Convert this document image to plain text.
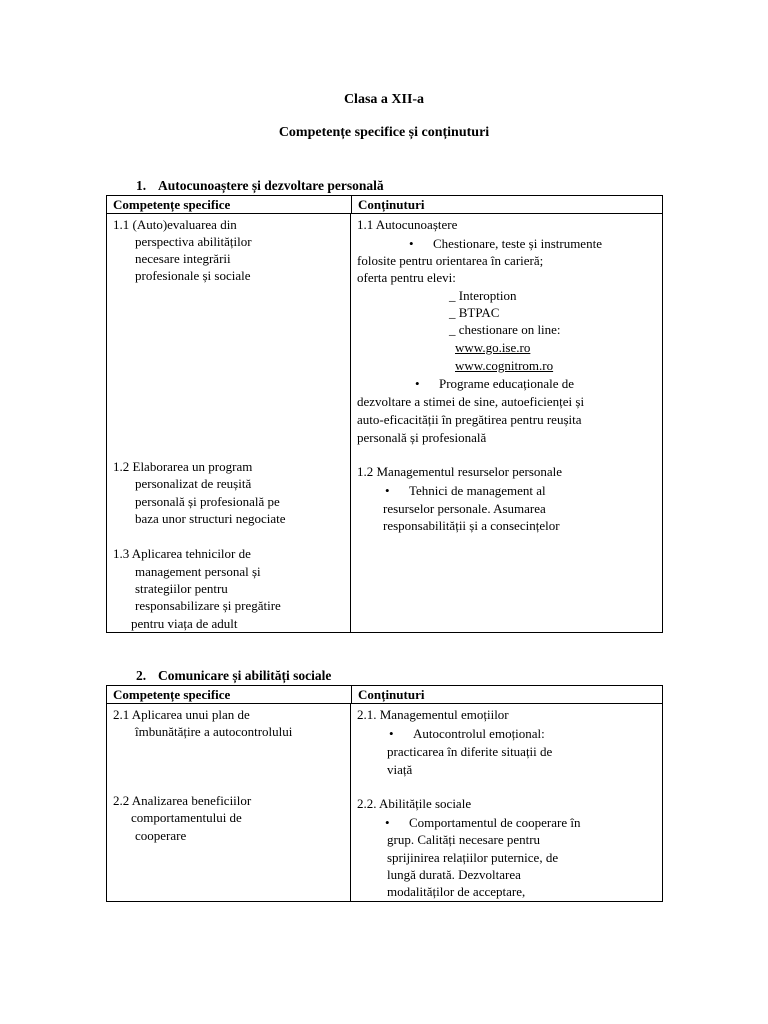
Clasa a XII-a
Competențe specifice și conținuturi
1. Autocunoaștere și dezvoltare personală
Competențe specifice	Conținuturi
1.1 (Auto)evaluarea din
perspectiva abilităților
necesare integrării
profesionale și sociale
1.2 Elaborarea un program
personalizat de reușită
personală și profesională pe
baza unor structuri negociate
1.3 Aplicarea tehnicilor de
management personal și
strategiilor pentru
responsabilizare și pregătire
pentru viața de adult
1.1 Autocunoaștere
• Chestionare, teste și instrumente
folosite pentru orientarea în carieră;
oferta pentru elevi:
_ Interoption
_ BTPAC
_ chestionare on line:
www.go.ise.ro
www.cognitrom.ro
• Programe educaționale de
dezvoltare a stimei de sine, autoeficienței și
auto-eficacității în pregătirea pentru reușita
personală și profesională
1.2 Managementul resurselor personale
• Tehnici de management al
resurselor personale. Asumarea
responsabilității și a consecințelor
2. Comunicare și abilități sociale
Competențe specifice	Conținuturi
2.1 Aplicarea unui plan de
îmbunătățire a autocontrolului
2.2 Analizarea beneficiilor
comportamentului de
cooperare
2.1. Managementul emoțiilor
• Autocontrolul emoțional:
practicarea în diferite situații de
viață
2.2. Abilitățile sociale
• Comportamentul de cooperare în
grup. Calități necesare pentru
sprijinirea relațiilor puternice, de
lungă durată. Dezvoltarea
modalităților de acceptare,
